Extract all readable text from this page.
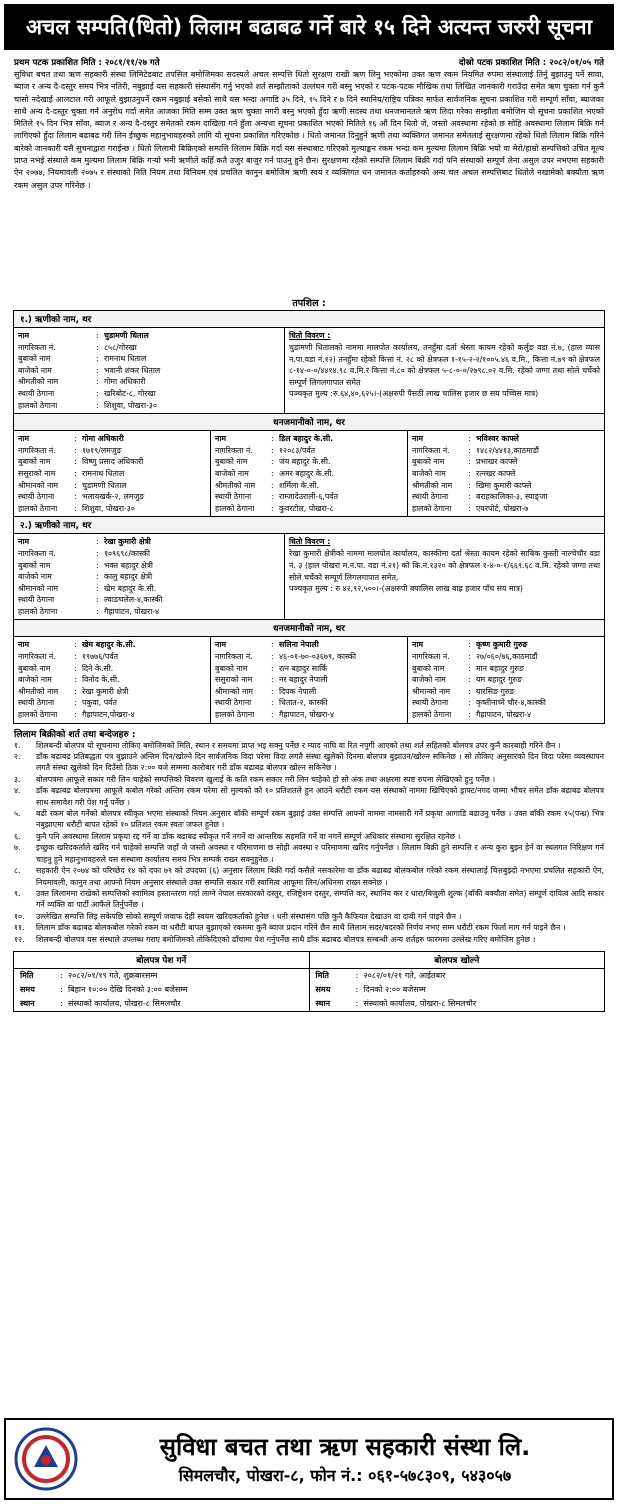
अचल सम्पति(धितो) लिलाम बढाबढ गर्ने बारे १५ दिने अत्यन्त जरुरी सूचना
प्रथम पटक प्रकाशित मिति : २०८१/११/२७ गते	दोस्रो पटक प्रकाशित मिति : २०८२/०१/०५ गते
सुविधा बचत तथा ऋण सहकारी संस्था लिमिटेडबाट तपसिल बमोजिमका सदस्यले अचल सम्पत्ति धितो सुरक्षण राखी ऋण लिनु भएकोमा उक्त ऋण रकम नियमित रुपमा संस्थालाई तिर्नु बुझाउनु पर्ने सावा, ब्याज र अन्य दै-दस्तुर समय भित्र नतिरी, नबुझाई यस सहकारी संस्थासँग गर्नु भएको शर्त सम्झौताको उल्लंघन गरी बस्नु भएको र पटक-पटक मौखिक तथा लिखित जानकारी गराउँदा समेत ऋण चुक्ता गर्न कुनै चासो नदेखाई आलटाल गरी आफूले बुझाउनुपर्ने रकम नबुझाई बसेको साथै यस भन्दा अगाडि ३५ दिने, १५ दिने र ७ दिने स्थानिय/राष्ट्रिय पत्रिका मार्फत सार्वजनिक सूचना प्रकाशित गरी सम्पूर्ण साँवा, ब्याजका साथै अन्य दै-दस्तुर चुक्ता गर्न अनुरोध गर्दा समेत आजका मिति सम्म उक्त ऋण चुक्ता नगरी बस्नु भएको हुँदा ऋणी सदस्य तथा धनजमानतले ऋण लिदा गरेका सम्झौता बमोजिम यो सूचना प्रकाशित भएको मितिले १५ दिन भित्र साँवा, ब्याज र अन्य दै-दस्तुर समेतको रकम दाखिला गर्न हुँला अन्यथा सूचना प्रकाशित भएको मितिले १६ औं दिन धितो जे, जस्तो अवस्थामा रहेको छ सोहि अवस्थामा लिलाम बिक्रि गर्न लागिएको हुँदा लिलाम बढाबढ गरी लिन ईच्छुक महानुभावहरुको लागि यो सूचना प्रकाशित गरिएकोछ । धितो जमानत दिनुहुने ऋणी तथा व्यक्तिगत जमानत समेतलाई सुरक्षणमा रहेको धितो लिलाम बिक्रि गरिने बारेको जानकारी यसै सुचनाद्वारा गराईन्छ । धितो लिलामी बिक्रिएको सम्पत्ति लिलाम बिक्रि गर्दा यस संस्थाबाट गरिएको मुल्याङ्कन रकम भन्दा कम मुल्यमा लिलाम बिक्रि भयो वा मेरो/हाम्रो सम्पत्तिको उचित मूल्य प्राप्त नभई संस्थाले कम मुल्यमा लिलाम बिक्रि गऱ्यो भनी ऋणीले कहिँ कतै उजुर बाजुर गर्न पाउनु हुने छैन। सुरक्षणमा रहेको सम्पत्ति लिलाम बिक्री गर्दा पनि संस्थाको सम्पूर्ण लेना असुल उपर नभएमा सहकारी ऐन २०७४, नियमावली २०७५ र संस्थाको निति नियम तथा विनियम एवं प्रचलित कानुन बमोजिम ऋणी स्वयं र व्यक्तिगत धन जमानत कर्ताहरुको अन्य चल अचल सम्पत्तिबाट धितोले नखामेको बक्यौता ऋण रकम असुल उपर गरिनेछ ।
तपशिल :
१.) ऋणीको नाम, थर
नाम	: चुडामणी धिताल
नागरिकता नं.	: ८५८/गोरखा
बुबाको नाम	: रामनाथ धिताल
बाजेको नाम	: भवानी शंकर धिताल
श्रीमतीको नाम	: गोमा अधिकारी
स्थायी ठेगाना	: खरिबोट-८, गोरखा
हालको ठेगाना	: शिशुवा, पोखरा-३०
धितो विवरण :
चुडामणी धितालको नाममा मालपोत कार्यालय, तनहुँमा दर्ता श्रेस्ता कायम रहेको कर्लुङ वडा नं.७, (हाल व्यास न.पा.वडा नं.१२) तनहुँमा रहेको कित्ता नं. २८ को क्षेत्रफल १-१५-२-२/१००५.४६ व.मि., कित्ता नं.७९ को क्षेत्रफल ८-१४-०-०/४४१४.९८ व.मि.र कित्ता नं.८० को क्षेत्रफल ५-८-०-०/२७९८.०२ व.मि. रहेको जग्गा तथा सोले चर्चेको सम्पूर्ण लिगलगापात समेत
पञ्चकृत मुल्य :रु.६४,४०,६२५।-(अक्षरुपी पैसठी लाख चालिस हजार छ सय पच्चिस मात्र)
धनजमानीको नाम, थर
नाम	: गोमा अधिकारी
नागरिकता नं.	: १७१९/लमजुङ
बुबाको नाम	: विष्णु प्रसाद अधिकारी
ससुराको नाम	: रामनाथ धिताल
श्रीमानको नाम	: चुडामणी धिताल
स्थायी ठेगाना	: भलायखर्क-२, लमजुङ
हालको ठेगाना	: शिशुवा, पोखरा-३०
नाम	: डिल बहादुर के.सी.
नागरिकता नं.	: १२०८३/पर्वत
बुबाको नाम	: जय बहादुर के.सी.
बाजेको नाम	: अमर बहादुर के.सी.
श्रीमतीको नाम	: शर्मिला के.सी.
स्थायी ठेगाना	: राम्जादेउराली-६,पर्वत
हालको ठेगाना	: कुवरटोल, पोखरा-८
नाम	: भविश्वर काफ्ले
नागरिकता नं.	: १४८२/४४१३,काठमाडौं
बुबाको नाम	: प्रभाखर काफ्ले
बाजेको नाम	: रत्नखर काफ्ले
श्रीमतीको नाम	: खिमा कुमारी काफ्ले
स्थायी ठेगाना	: बराहकालिका-३, स्याङ्जा
हालको ठेगाना	: एयरपोर्ट, पोखरा-७
२.) ऋणीको नाम, थर
नाम	: रेखा कुमारी क्षेत्री
नागरिकता नं.	: १०९६९८/कास्की
बुबाको नाम	: भक्त बहादुर क्षेत्री
बाजेको नाम	: कालु बहादुर क्षेत्री
श्रीमानको नाम	: खेम बहादुर के.सी.
स्थायी ठेगाना	: ल्वाङघलेल-४,कास्की
हालको ठेगाना	: गैह्रापाटन, पोखरा-४
धितो विवरण :
रेखा कुमारी क्षेत्रीको नाममा मालपोत कार्यालय, कास्कीमा दर्ता श्रेस्ता कायम रहेको साबिक कुस्ती नाल्चेचौर वडा नं. ३ (हाल पोखरा म.न.पा. वडा नं.२१) को कि.नं.१३२० को क्षेत्रफल १-४-०-१/६६९.६८ व.मि. रहेको जग्गा तथा सोले चर्चेको सम्पूर्ण लिगलगापात समेत,
पञ्चकृत मुल्य : रु ४२,९२,५००।-(अक्षरुपी बयालिस लाख बाह्र हजार पाँच सय मात्र)
धनजमानीको नाम, थर
नाम	: खेम बहादुर के.सी.
नागरिकता नं.	: १९७७६/पर्वत
बुबाको नाम	: दिने के.सी.
बाजेको नाम	: विनोद के.सी.
श्रीमतीको नाम	: रेखा कुमारी क्षेत्री
स्थायी ठेगाना	: पकुवा, पर्वत
हालको ठेगाना	: गैह्रापाटन,पोखरा-४
नाम	: सलिना नेपाली
नागरिकता नं.	: ४६-०१-७०-०३६७९, कास्की
बुबाको नाम	: रत्न बहादुर सार्कि
ससुराको नाम	: नर बहादुर नेपाली
श्रीमान्को नाम	: दिपक नेपाली
स्थायी ठेगाना	: धितात-२, कास्की
हालको ठेगाना	: गैह्रापाटन, पोखरा-४
नाम	: कृष्ण कुमारी गुरुङ
नागरिकता नं.	: २७/०६०/७६,काठमाडौं
बुबाको नाम	: मान बहादुर गुरुङ
बाजेको नाम	: यम बहादुर गुरुङ
श्रीमान्को नाम	: यारसिङ गुरुङ
स्थायी ठेगाना	: कृष्तीनाच्ने चौर-४,कास्की
हालको ठेगाना	: गैह्रापाटन, पोखरा-४
लिलाम बिक्रीको शर्त तथा बन्देजहरु :
१.	शिलबन्दी बोलपत्र यो सूचनामा तोकिए बमोजिमको मिति, स्थान र समयमा प्राप्त भइ सक्नु पर्नेछ र म्याद नाघि वा रित नपुगी आएको तथा शर्त सहितको बोलपत्र उपर कुनै कारबाही गरिने छैन ।
२.	डाँक बढाबढ प्रतिबद्धता पत्र बुझाउने अन्तिम दिन/खोल्ने दिन सार्वजनिक विदा परेमा विदा लगतै संस्था खुलेको दिनमा बोलपत्र बुझाउन/खोल्न सकिनेछ । सो तोकिए अनुसारको दिन विदा परेमा व्यवस्थापन लगतै संस्था खुलेको दिन दिउँसो ठिक २:०० बजे सम्ममा कारोबार गरी डाँक बढाबढ बोलपत्र खोल्न सकिनेछ ।
३.	बोलपत्रमा आफूले सकार गरी लिन चाहेको सम्पत्तिको विवरण खुलाई के कति रकम सकार गरी लिन चाहेको हो सो अंक तथा अक्षरमा स्पष्ट रुपमा लेखिएको हुनु पर्नेछ ।
४.	डाँक बढाबढ बोलपत्रमा आफूले कबोल गरेको अन्तिम रकम परेमा सो मुल्यको को १० प्रतिशतले हुन आउने धरौटी रकम यस संस्थाको नाममा खिचिएको ड्राफ्ट/नगद जम्मा भौचर समेत डाँक बढाबढ बोलपत्र साथ समावेश गरी पेश गर्नु पर्नेछ ।
५.	बढी रकम बोल गर्नेको बोलपत्र स्वीकृत भएमा संस्थाको नियम अनुसार बाँकी सम्पूर्ण रकम बुझाई उक्त सम्पत्ति आफ्नो नाममा नामसारी गर्ने प्रकृया आगाडि बढाउनु पर्नेछ । उक्त बाँकी रकम १५(पन्ध्र) भित्र नबुझाएमा धरौटी बापत रहेको १० प्रतिशत रकम स्वतः जफत हुनेछ ।
६.	कुनै पनि अवस्थामा लिलाम प्रकृया रद्द गर्ने वा डाँक बढाबढ स्वीकृत गर्ने नगर्ने वा आन्तरिक सहमति गर्ने वा नगर्ने सम्पूर्ण अधिकार संस्थामा सुरक्षित रहनेछ ।
७.	इच्छुक खरिदकर्ताले खरिद गर्न चाहेको सम्पत्ति जहाँ जे जस्तो अवस्था र परिमाणमा छ सोही अवस्था र परिमाणमा खरिद गर्नुपर्नेछ । लिलाम बिक्री हुने सम्पत्ति र अन्य कुरा बुझ्न हेर्न वा स्थलगत निरिक्षण गर्न चाहनु हुने महानुभावहरुले यस संस्थामा कार्यालय समय भित्र सम्पर्क राख्न सक्नुहुनेछ ।
८.	सहकारी ऐन २०७४ को परिच्छेद १४ को दफा ७९ को उपदफा (६) अनुसार लिलाम बिक्री गर्दा कसैले नसकारेमा वा डाँक बढाबढ बोलकबोल गरेको रकम संस्थालाई चित्तबुझ्दो नभएमा प्रचलित सहकारी ऐन, नियमावली, कानुन तथा आफ्नो नियम अनुसार संस्थाले उक्त सम्पत्ति सकार गरी स्वामित्व आफूमा लिन/अधिनमा राख्न सक्नेछ ।
९.	उक्त लिलाममा राखेको सम्पत्तिको स्वामित्व हस्तान्तरण गर्दा लाग्ने नेपाल सरकारको दस्तुर, रजिष्ट्रेशन दस्तुर, सम्पत्ति कर, स्थानिय कर र धारा/बिजुली शुल्क (बाँकी बक्यौता समेत) सम्पूर्ण दायित्व आदि सकार गर्ने व्यक्ति वा पार्टी आफैंले तिर्नुपर्नेछ ।
१०.	उल्लेखित सम्पत्ति लिइ सकेपछि सोको सम्पूर्ण जवाफ देही स्वयम खरिदकर्ताको हुनेछ । धनी संस्थासंग पछि कुनै कैफियत देखाउन वा दाबी गर्न पाइने छैन ।
११.	लिलाम डाँक बढाबढ बोलकबोल गरेको रकम वा धरौटी बापत बुझाएको रकममा कुनै ब्याज प्रदान गरिने छैन साथै लिलाम सदर/बदरको निर्णय नभए सम्म धरौटी रकम फिर्ता माग गर्न पाइने छैन ।
१२.	शिलबन्दी बोलपत्र यस संस्थाले उपलब्ध गराए बमोजिमको तोकिदिएको ढाँचामा पेश गर्नुपर्नेछ साथै डाँक बढाबढ बोलपत्र सम्बन्धी अन्य शर्तहरु फारममा उल्लेख गरिए बमोजिम हुनेछ ।
बोलपत्र पेश गर्ने
मिति	: २०८२/०१/१९ गते, शुक्रबारसम्म
समय	: बिहान १०:०० देखि दिनको ३:०० बजेसम्म
स्थान	: संस्थाको कार्यालय, पोखरा-८ सिमलचौर
बोलपत्र खोल्ने
मिति	: २०८२/०१/२१ गते, आईतबार
समय	: दिनको २:०० बजेसम्म
स्थान	: संस्थाको कार्यालय, पोखरा-८ सिमलचौर
सुविधा बचत तथा ऋण सहकारी संस्था लि.
सिमलचौर, पोखरा-८, फोन नं.: ०६१-५७८३०९, ५४३०५७
